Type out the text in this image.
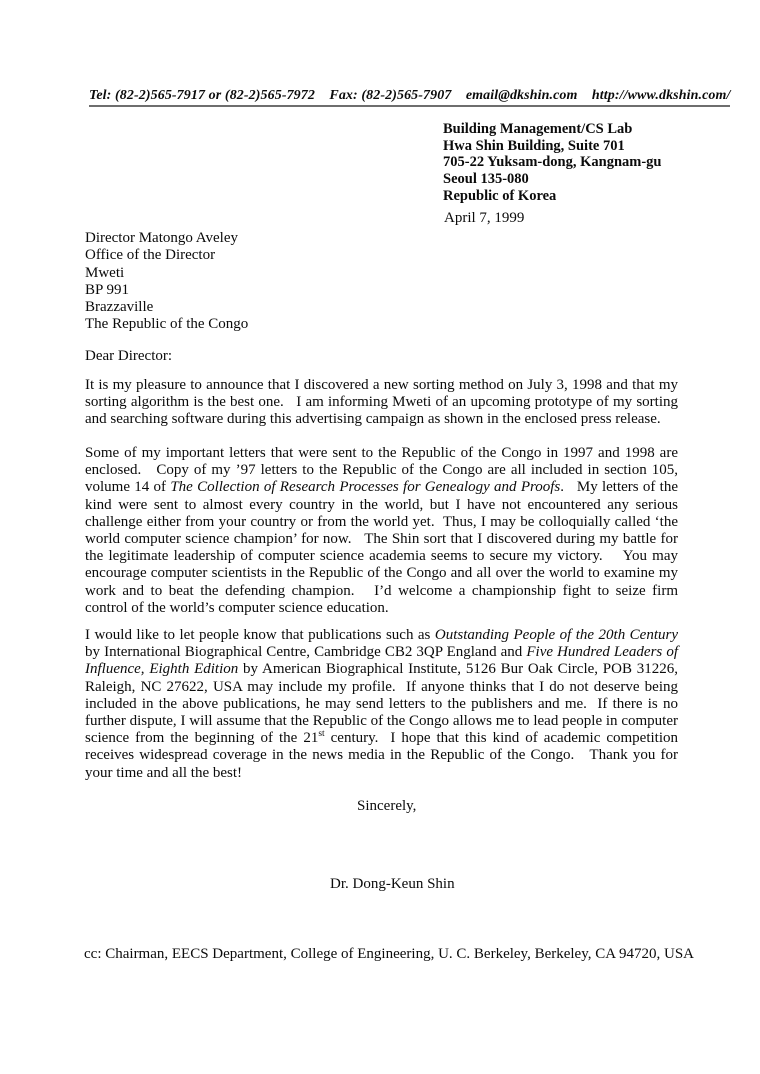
Tel: (82-2)565-7917 or (82-2)565-7972    Fax: (82-2)565-7907    email@dkshin.com    http://www.dkshin.com/
Building Management/CS Lab
Hwa Shin Building, Suite 701
705-22 Yuksam-dong, Kangnam-gu
Seoul 135-080
Republic of Korea
April 7, 1999
Director Matongo Aveley
Office of the Director
Mweti
BP 991
Brazzaville
The Republic of the Congo
Dear Director:

It is my pleasure to announce that I discovered a new sorting method on July 3, 1998 and that my sorting algorithm is the best one.   I am informing Mweti of an upcoming prototype of my sorting and searching software during this advertising campaign as shown in the enclosed press release.

Some of my important letters that were sent to the Republic of the Congo in 1997 and 1998 are enclosed.   Copy of my ’97 letters to the Republic of the Congo are all included in section 105, volume 14 of The Collection of Research Processes for Genealogy and Proofs.   My letters of the kind were sent to almost every country in the world, but I have not encountered any serious challenge either from your country or from the world yet.  Thus, I may be colloquially called ‘the world computer science champion’ for now.   The Shin sort that I discovered during my battle for the legitimate leadership of computer science academia seems to secure my victory.    You may encourage computer scientists in the Republic of the Congo and all over the world to examine my work and to beat the defending champion.   I’d welcome a championship fight to seize firm control of the world’s computer science education.

I would like to let people know that publications such as Outstanding People of the 20th Century by International Biographical Centre, Cambridge CB2 3QP England and Five Hundred Leaders of Influence, Eighth Edition by American Biographical Institute, 5126 Bur Oak Circle, POB 31226, Raleigh, NC 27622, USA may include my profile.  If anyone thinks that I do not deserve being included in the above publications, he may send letters to the publishers and me.  If there is no further dispute, I will assume that the Republic of the Congo allows me to lead people in computer science from the beginning of the 21st century.  I hope that this kind of academic competition receives widespread coverage in the news media in the Republic of the Congo.   Thank you for your time and all the best!

Sincerely,
Dr. Dong-Keun Shin
cc: Chairman, EECS Department, College of Engineering, U. C. Berkeley, Berkeley, CA 94720, USA
